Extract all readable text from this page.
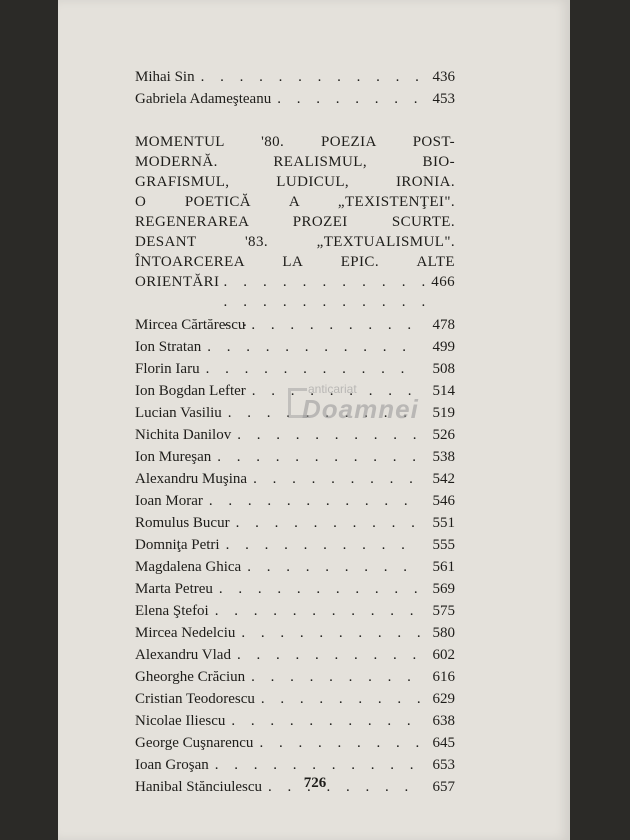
Mihai Sin . . .	436
Gabriela Adameşteanu . . .	453
MOMENTUL '80. POEZIA POST-
MODERNĂ. REALISMUL, BIO-
GRAFISMUL, LUDICUL, IRONIA.
O POETICĂ A „TEXISTENŢEI".
REGENERAREA PROZEI SCURTE.
DESANT '83. „TEXTUALISMUL".
ÎNTOARCEREA LA EPIC. ALTE
ORIENTĂRI . . .	466
Mircea Cărtărescu . . .	478
Ion Stratan . . .	499
Florin Iaru . . .	508
Ion Bogdan Lefter . . .	514
Lucian Vasiliu . . .	519
Nichita Danilov . . .	526
Ion Mureşan . . .	538
Alexandru Muşina . . .	542
Ioan Morar . . .	546
Romulus Bucur . . .	551
Domniţa Petri . . .	555
Magdalena Ghica . . .	561
Marta Petreu . . .	569
Elena Ştefoi . . .	575
Mircea Nedelciu . . .	580
Alexandru Vlad . . .	602
Gheorghe Crăciun . . .	616
Cristian Teodorescu . . .	629
Nicolae Iliescu . . .	638
George Cuşnarencu . . .	645
Ioan Groşan . . .	653
Hanibal Stănciulescu . . .	657
anticariat
Doamnei
726
